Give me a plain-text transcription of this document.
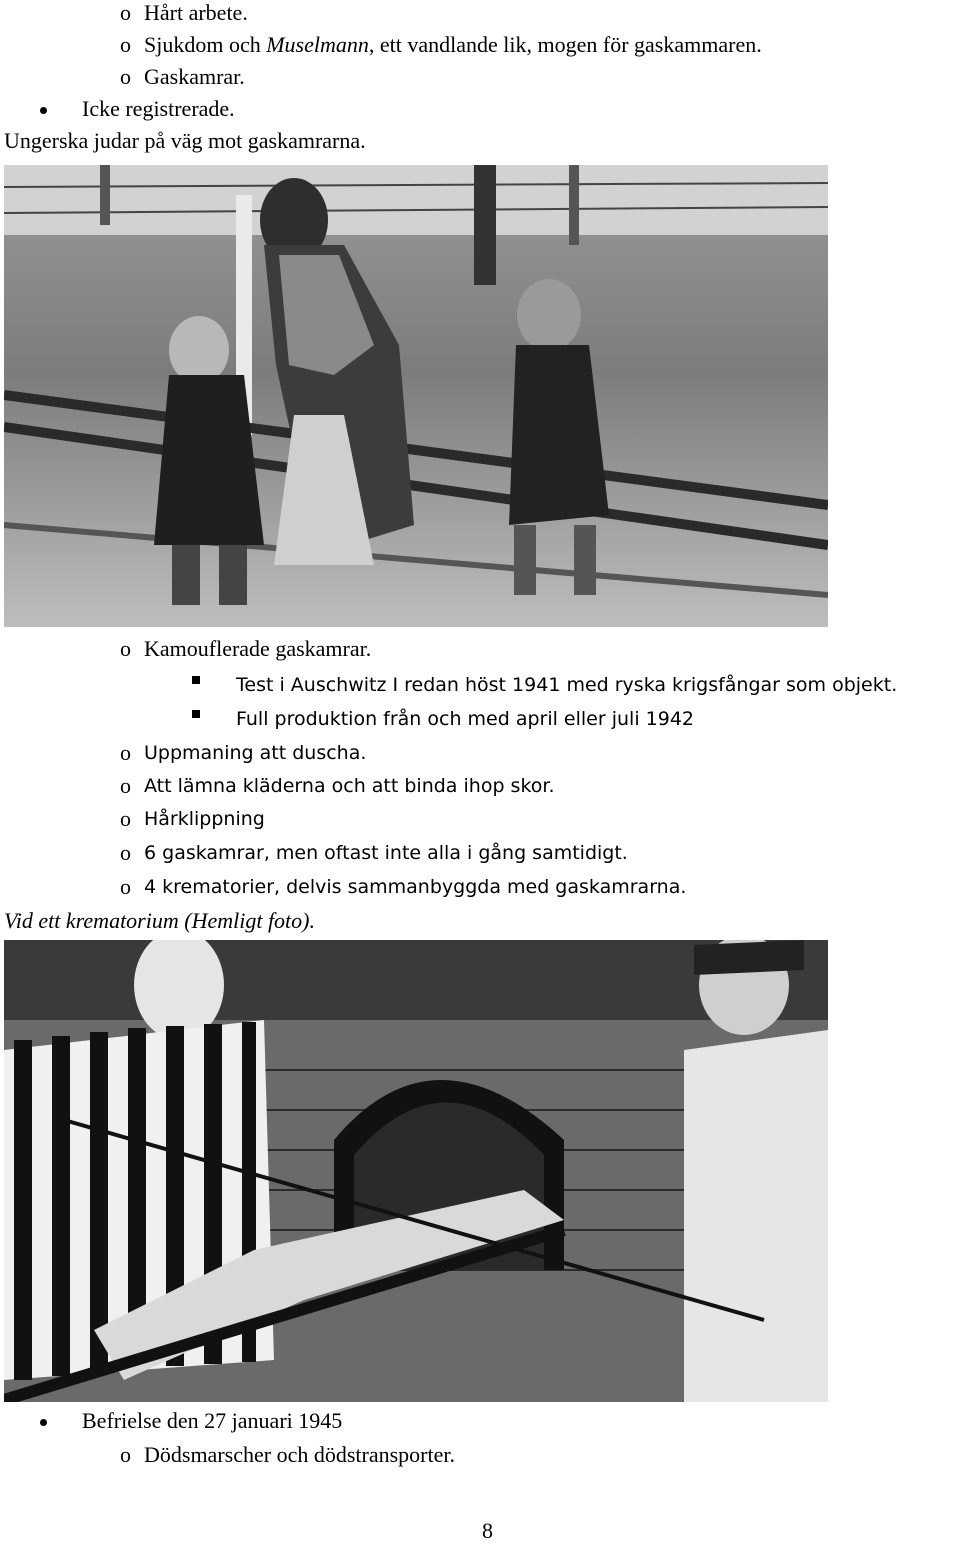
o Hårt arbete.
o Sjukdom och Muselmann, ett vandlande lik, mogen för gaskammaren.
o Gaskamrar.
Icke registrerade.
Ungerska judar på väg mot gaskamrarna.
o Kamouflerade gaskamrar.
Test i Auschwitz I redan höst 1941 med ryska krigsfångar som objekt.
Full produktion från och med april eller juli 1942
o Uppmaning att duscha.
o Att lämna kläderna och att binda ihop skor.
o Hårklippning
o 6 gaskamrar, men oftast inte alla i gång samtidigt.
o 4 krematorier, delvis sammanbyggda med gaskamrarna.
Vid ett krematorium (Hemligt foto).
Befrielse den 27 januari 1945
o Dödsmarscher och dödstransporter.
8
